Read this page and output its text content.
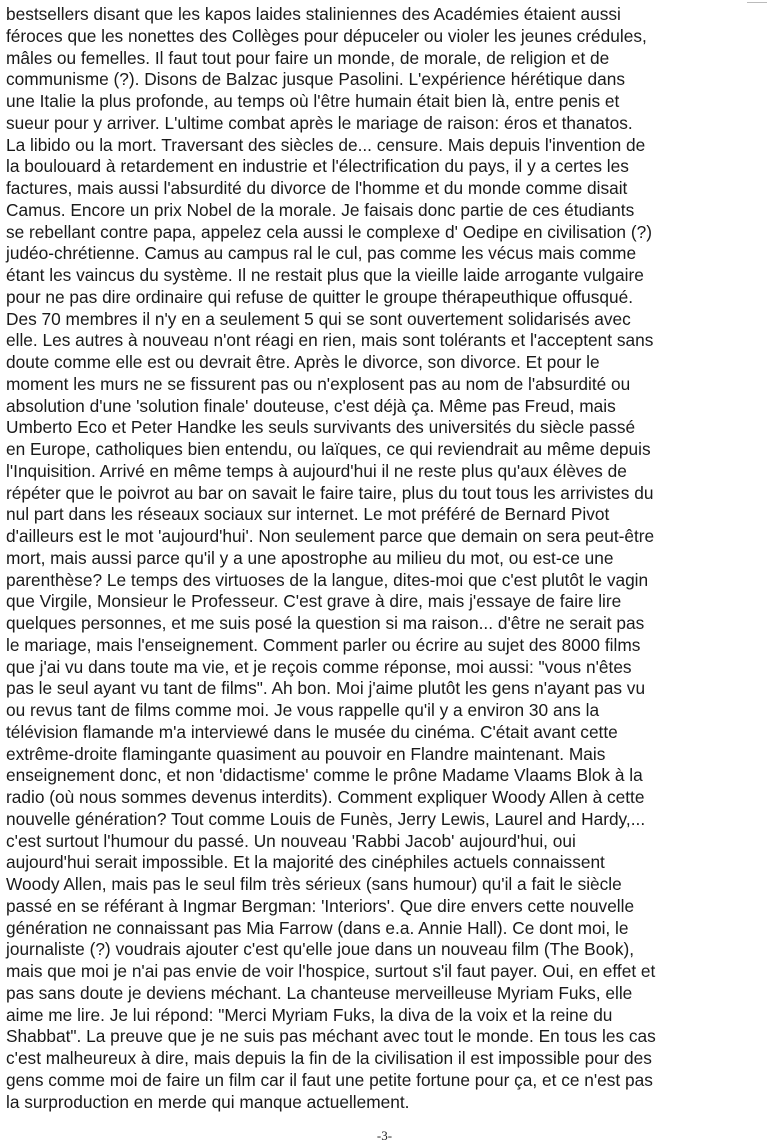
bestsellers disant que les kapos laides staliniennes des Académies étaient aussi
féroces que les nonettes des Collèges pour dépuceler ou violer les jeunes crédules,
mâles ou femelles. Il faut tout pour faire un monde, de morale, de religion et de
communisme (?). Disons de Balzac jusque Pasolini. L'expérience hérétique dans
une Italie la plus profonde, au temps où l'être humain était bien là, entre penis et
sueur pour y arriver. L'ultime combat après le mariage de raison: éros et thanatos.
La libido ou la mort. Traversant des siècles de... censure. Mais depuis l'invention de
la boulouard à retardement en industrie et l'électrification du pays, il y a certes les
factures, mais aussi l'absurdité du divorce de l'homme et du monde comme disait
Camus. Encore un prix Nobel de la morale. Je faisais donc partie de ces étudiants
se rebellant contre papa, appelez cela aussi le complexe d' Oedipe en civilisation (?)
judéo-chrétienne. Camus au campus ral le cul, pas comme les vécus mais comme
étant les vaincus du système. Il ne restait plus que la vieille laide arrogante vulgaire
pour ne pas dire ordinaire qui refuse de quitter le groupe thérapeuthique offusqué.
Des 70 membres il n'y en a seulement 5 qui se sont ouvertement solidarisés avec
elle. Les autres à nouveau n'ont réagi en rien, mais sont tolérants et l'acceptent sans
doute comme elle est ou devrait être. Après le divorce, son divorce. Et pour le
moment les murs ne se fissurent pas ou n'explosent pas au nom de l'absurdité ou
absolution d'une 'solution finale' douteuse, c'est déjà ça. Même pas Freud, mais
Umberto Eco et Peter Handke les seuls survivants des universités du siècle passé
en Europe, catholiques bien entendu, ou laïques, ce qui reviendrait au même depuis
l'Inquisition. Arrivé en même temps à aujourd'hui il ne reste plus qu'aux élèves de
répéter que le poivrot au bar on savait le faire taire, plus du tout tous les arrivistes du
nul part dans les réseaux sociaux sur internet. Le mot préféré de Bernard Pivot
d'ailleurs est le mot 'aujourd'hui'. Non seulement parce que demain on sera peut-être
mort, mais aussi parce qu'il y a une apostrophe au milieu du mot, ou est-ce une
parenthèse? Le temps des virtuoses de la langue, dites-moi que c'est plutôt le vagin
que Virgile, Monsieur le Professeur. C'est grave à dire, mais j'essaye de faire lire
quelques personnes, et me suis posé la question si ma raison... d'être ne serait pas
le mariage, mais l'enseignement. Comment parler ou écrire au sujet des 8000 films
que j'ai vu dans toute ma vie, et je reçois comme réponse, moi aussi: "vous n'êtes
pas le seul ayant vu tant de films". Ah bon. Moi j'aime plutôt les gens n'ayant pas vu
ou revus tant de films comme moi. Je vous rappelle qu'il y a environ 30 ans la
télévision flamande m'a interviewé dans le musée du cinéma. C'était avant cette
extrême-droite flamingante quasiment au pouvoir en Flandre maintenant. Mais
enseignement donc, et non 'didactisme' comme le prône Madame Vlaams Blok à la
radio (où nous sommes devenus interdits). Comment expliquer Woody Allen à cette
nouvelle génération? Tout comme Louis de Funès, Jerry Lewis, Laurel and Hardy,...
c'est surtout l'humour du passé. Un nouveau 'Rabbi Jacob' aujourd'hui, oui
aujourd'hui serait impossible. Et la majorité des cinéphiles actuels connaissent
Woody Allen, mais pas le seul film très sérieux (sans humour) qu'il a fait le siècle
passé en se référant à Ingmar Bergman: 'Interiors'. Que dire envers cette nouvelle
génération ne connaissant pas Mia Farrow (dans e.a. Annie Hall). Ce dont moi, le
journaliste (?) voudrais ajouter c'est qu'elle joue dans un nouveau film (The Book),
mais que moi je n'ai pas envie de voir l'hospice, surtout s'il faut payer. Oui, en effet et
pas sans doute je deviens méchant. La chanteuse merveilleuse Myriam Fuks, elle
aime me lire. Je lui répond: "Merci Myriam Fuks, la diva de la voix et la reine du
Shabbat". La preuve que je ne suis pas méchant avec tout le monde. En tous les cas
c'est malheureux à dire, mais depuis la fin de la civilisation il est impossible pour des
gens comme moi de faire un film car il faut une petite fortune pour ça, et ce n'est pas
la surproduction en merde qui manque actuellement.
-3-
